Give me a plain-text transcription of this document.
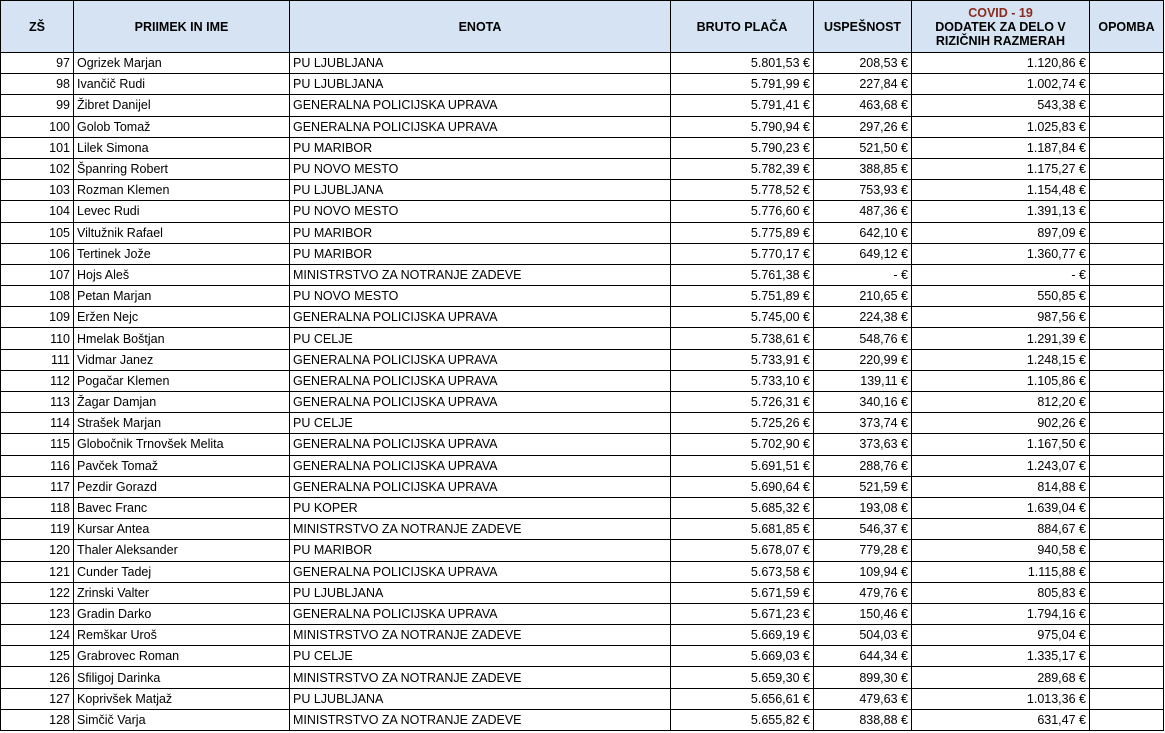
ZŠ	PRIIMEK IN IME	ENOTA	BRUTO PLAČA	USPEŠNOST	COVID - 19
DODATEK ZA DELO V
RIZIČNIH RAZMERAH	OPOMBA
97	Ogrizek Marjan	PU LJUBLJANA	5.801,53 €	208,53 €	1.120,86 €	
98	Ivančič Rudi	PU LJUBLJANA	5.791,99 €	227,84 €	1.002,74 €	
99	Žibret Danijel	GENERALNA POLICIJSKA UPRAVA	5.791,41 €	463,68 €	543,38 €	
100	Golob Tomaž	GENERALNA POLICIJSKA UPRAVA	5.790,94 €	297,26 €	1.025,83 €	
101	Lilek Simona	PU MARIBOR	5.790,23 €	521,50 €	1.187,84 €	
102	Španring Robert	PU NOVO MESTO	5.782,39 €	388,85 €	1.175,27 €	
103	Rozman Klemen	PU LJUBLJANA	5.778,52 €	753,93 €	1.154,48 €	
104	Levec Rudi	PU NOVO MESTO	5.776,60 €	487,36 €	1.391,13 €	
105	Viltužnik Rafael	PU MARIBOR	5.775,89 €	642,10 €	897,09 €	
106	Tertinek Jože	PU MARIBOR	5.770,17 €	649,12 €	1.360,77 €	
107	Hojs Aleš	MINISTRSTVO ZA NOTRANJE ZADEVE	5.761,38 €	- €	- €	
108	Petan Marjan	PU NOVO MESTO	5.751,89 €	210,65 €	550,85 €	
109	Eržen Nejc	GENERALNA POLICIJSKA UPRAVA	5.745,00 €	224,38 €	987,56 €	
110	Hmelak Boštjan	PU CELJE	5.738,61 €	548,76 €	1.291,39 €	
111	Vidmar Janez	GENERALNA POLICIJSKA UPRAVA	5.733,91 €	220,99 €	1.248,15 €	
112	Pogačar Klemen	GENERALNA POLICIJSKA UPRAVA	5.733,10 €	139,11 €	1.105,86 €	
113	Žagar Damjan	GENERALNA POLICIJSKA UPRAVA	5.726,31 €	340,16 €	812,20 €	
114	Strašek Marjan	PU CELJE	5.725,26 €	373,74 €	902,26 €	
115	Globočnik Trnovšek Melita	GENERALNA POLICIJSKA UPRAVA	5.702,90 €	373,63 €	1.167,50 €	
116	Pavček Tomaž	GENERALNA POLICIJSKA UPRAVA	5.691,51 €	288,76 €	1.243,07 €	
117	Pezdir Gorazd	GENERALNA POLICIJSKA UPRAVA	5.690,64 €	521,59 €	814,88 €	
118	Bavec Franc	PU KOPER	5.685,32 €	193,08 €	1.639,04 €	
119	Kursar Antea	MINISTRSTVO ZA NOTRANJE ZADEVE	5.681,85 €	546,37 €	884,67 €	
120	Thaler Aleksander	PU MARIBOR	5.678,07 €	779,28 €	940,58 €	
121	Cunder Tadej	GENERALNA POLICIJSKA UPRAVA	5.673,58 €	109,94 €	1.115,88 €	
122	Zrinski Valter	PU LJUBLJANA	5.671,59 €	479,76 €	805,83 €	
123	Gradin Darko	GENERALNA POLICIJSKA UPRAVA	5.671,23 €	150,46 €	1.794,16 €	
124	Remškar Uroš	MINISTRSTVO ZA NOTRANJE ZADEVE	5.669,19 €	504,03 €	975,04 €	
125	Grabrovec Roman	PU CELJE	5.669,03 €	644,34 €	1.335,17 €	
126	Sfiligoj Darinka	MINISTRSTVO ZA NOTRANJE ZADEVE	5.659,30 €	899,30 €	289,68 €	
127	Koprivšek Matjaž	PU LJUBLJANA	5.656,61 €	479,63 €	1.013,36 €	
128	Simčič Varja	MINISTRSTVO ZA NOTRANJE ZADEVE	5.655,82 €	838,88 €	631,47 €	
